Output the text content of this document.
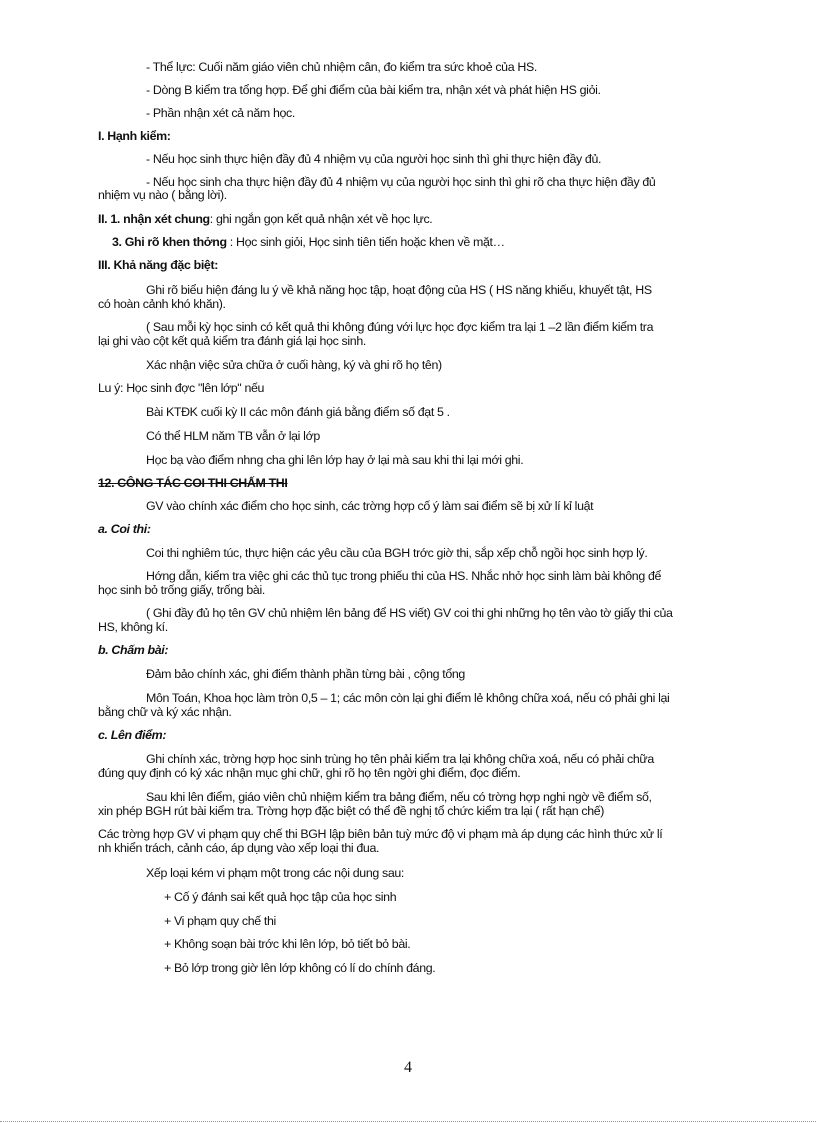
- Thể lực: Cuối năm giáo viên chủ nhiệm cân, đo kiểm tra sức khoẻ của HS.
- Dòng B kiểm tra tổng hợp. Để ghi điểm của bài kiểm tra, nhận xét và phát hiện HS giỏi.
- Phần nhận xét cả năm học.
I. Hạnh kiểm:
- Nếu học sinh thực hiện đầy đủ 4 nhiệm vụ của người học sinh thì ghi thực hiện đầy đủ.
- Nếu học sinh cha thực hiện đầy đủ 4 nhiệm vụ của người học sinh thì ghi rõ cha thực hiện đầy đủ
nhiệm vụ nào ( bằng lời).
II. 1. nhận xét chung: ghi ngắn gọn kết quả nhận xét về học lực.
3. Ghi rõ khen thởng : Học sinh giỏi, Học sinh tiên tiến hoặc khen về mặt…
III. Khả năng đặc biệt:
Ghi rõ biểu hiện đáng lu ý về khả năng học tập, hoạt động của HS ( HS năng khiếu, khuyết tật, HS
có hoàn cảnh khó khăn).
( Sau mỗi kỳ học sinh có kết quả thi không đúng với lực học đợc kiểm tra lại 1 –2 lần điểm kiểm tra
lại ghi vào cột kết quả kiểm tra đánh giá lại học sinh.
Xác nhận việc sửa chữa ở cuối hàng, ký và ghi rõ họ tên)
Lu ý: Học sinh đợc "lên lớp" nếu
Bài KTĐK cuối kỳ II các môn đánh giá bằng điểm số đạt 5 .
Có thể HLM năm TB vẫn ở lại lớp
Học bạ vào điểm nhng cha ghi lên lớp hay ở lại mà sau khi thi lại mới ghi.
12. CÔNG TÁC COI THI CHẤM THI
GV vào chính xác điểm cho học sinh, các trờng hợp cố ý làm sai điểm sẽ bị xử lí kỉ luật
a. Coi thi:
Coi thi nghiêm túc, thực hiện các yêu cầu của BGH trớc giờ thi, sắp xếp chỗ ngồi học sinh hợp lý.
Hớng dẫn, kiểm tra việc ghi các thủ tục trong phiếu thi của HS. Nhắc nhở học sinh làm bài không để
học sinh bỏ trống giấy, trống bài.
( Ghi đầy đủ họ tên GV chủ nhiệm lên bảng để HS viết) GV coi thi ghi những họ tên vào tờ giấy thi của
HS, không kí.
b. Chấm bài:
Đảm bảo chính xác, ghi điểm thành phần từng bài , cộng tổng
Môn Toán, Khoa học làm tròn 0,5 – 1; các môn còn lại ghi điểm lẻ không chữa xoá, nếu có phải ghi lại
bằng chữ và ký xác nhận.
c. Lên điểm:
Ghi chính xác, trờng hợp học sinh trùng họ tên phải kiểm tra lại không chữa xoá, nếu có phải chữa
đúng quy định có ký xác nhận mục ghi chữ, ghi rõ họ tên ngời ghi điểm, đọc điểm.
Sau khi lên điểm, giáo viên chủ nhiệm kiểm tra bảng điểm, nếu có trờng hợp nghi ngờ về điểm số,
xin phép BGH rút bài kiểm tra. Trờng hợp đặc biệt có thể đề nghị tổ chức kiểm tra lại ( rất hạn chế)
Các trờng hợp GV vi phạm quy chế thi BGH lập biên bản tuỳ mức độ vi phạm mà áp dụng các hình thức xử lí
nh khiển trách, cảnh cáo, áp dụng vào xếp loại thi đua.
Xếp loại kém vi phạm một trong các nội dung sau:
+ Cố ý đánh sai kết quả học tập của học sinh
+ Vi phạm quy chế thi
+ Không soạn bài trớc khi lên lớp, bỏ tiết bỏ bài.
+ Bỏ lớp trong giờ lên lớp không có lí do chính đáng.
4
